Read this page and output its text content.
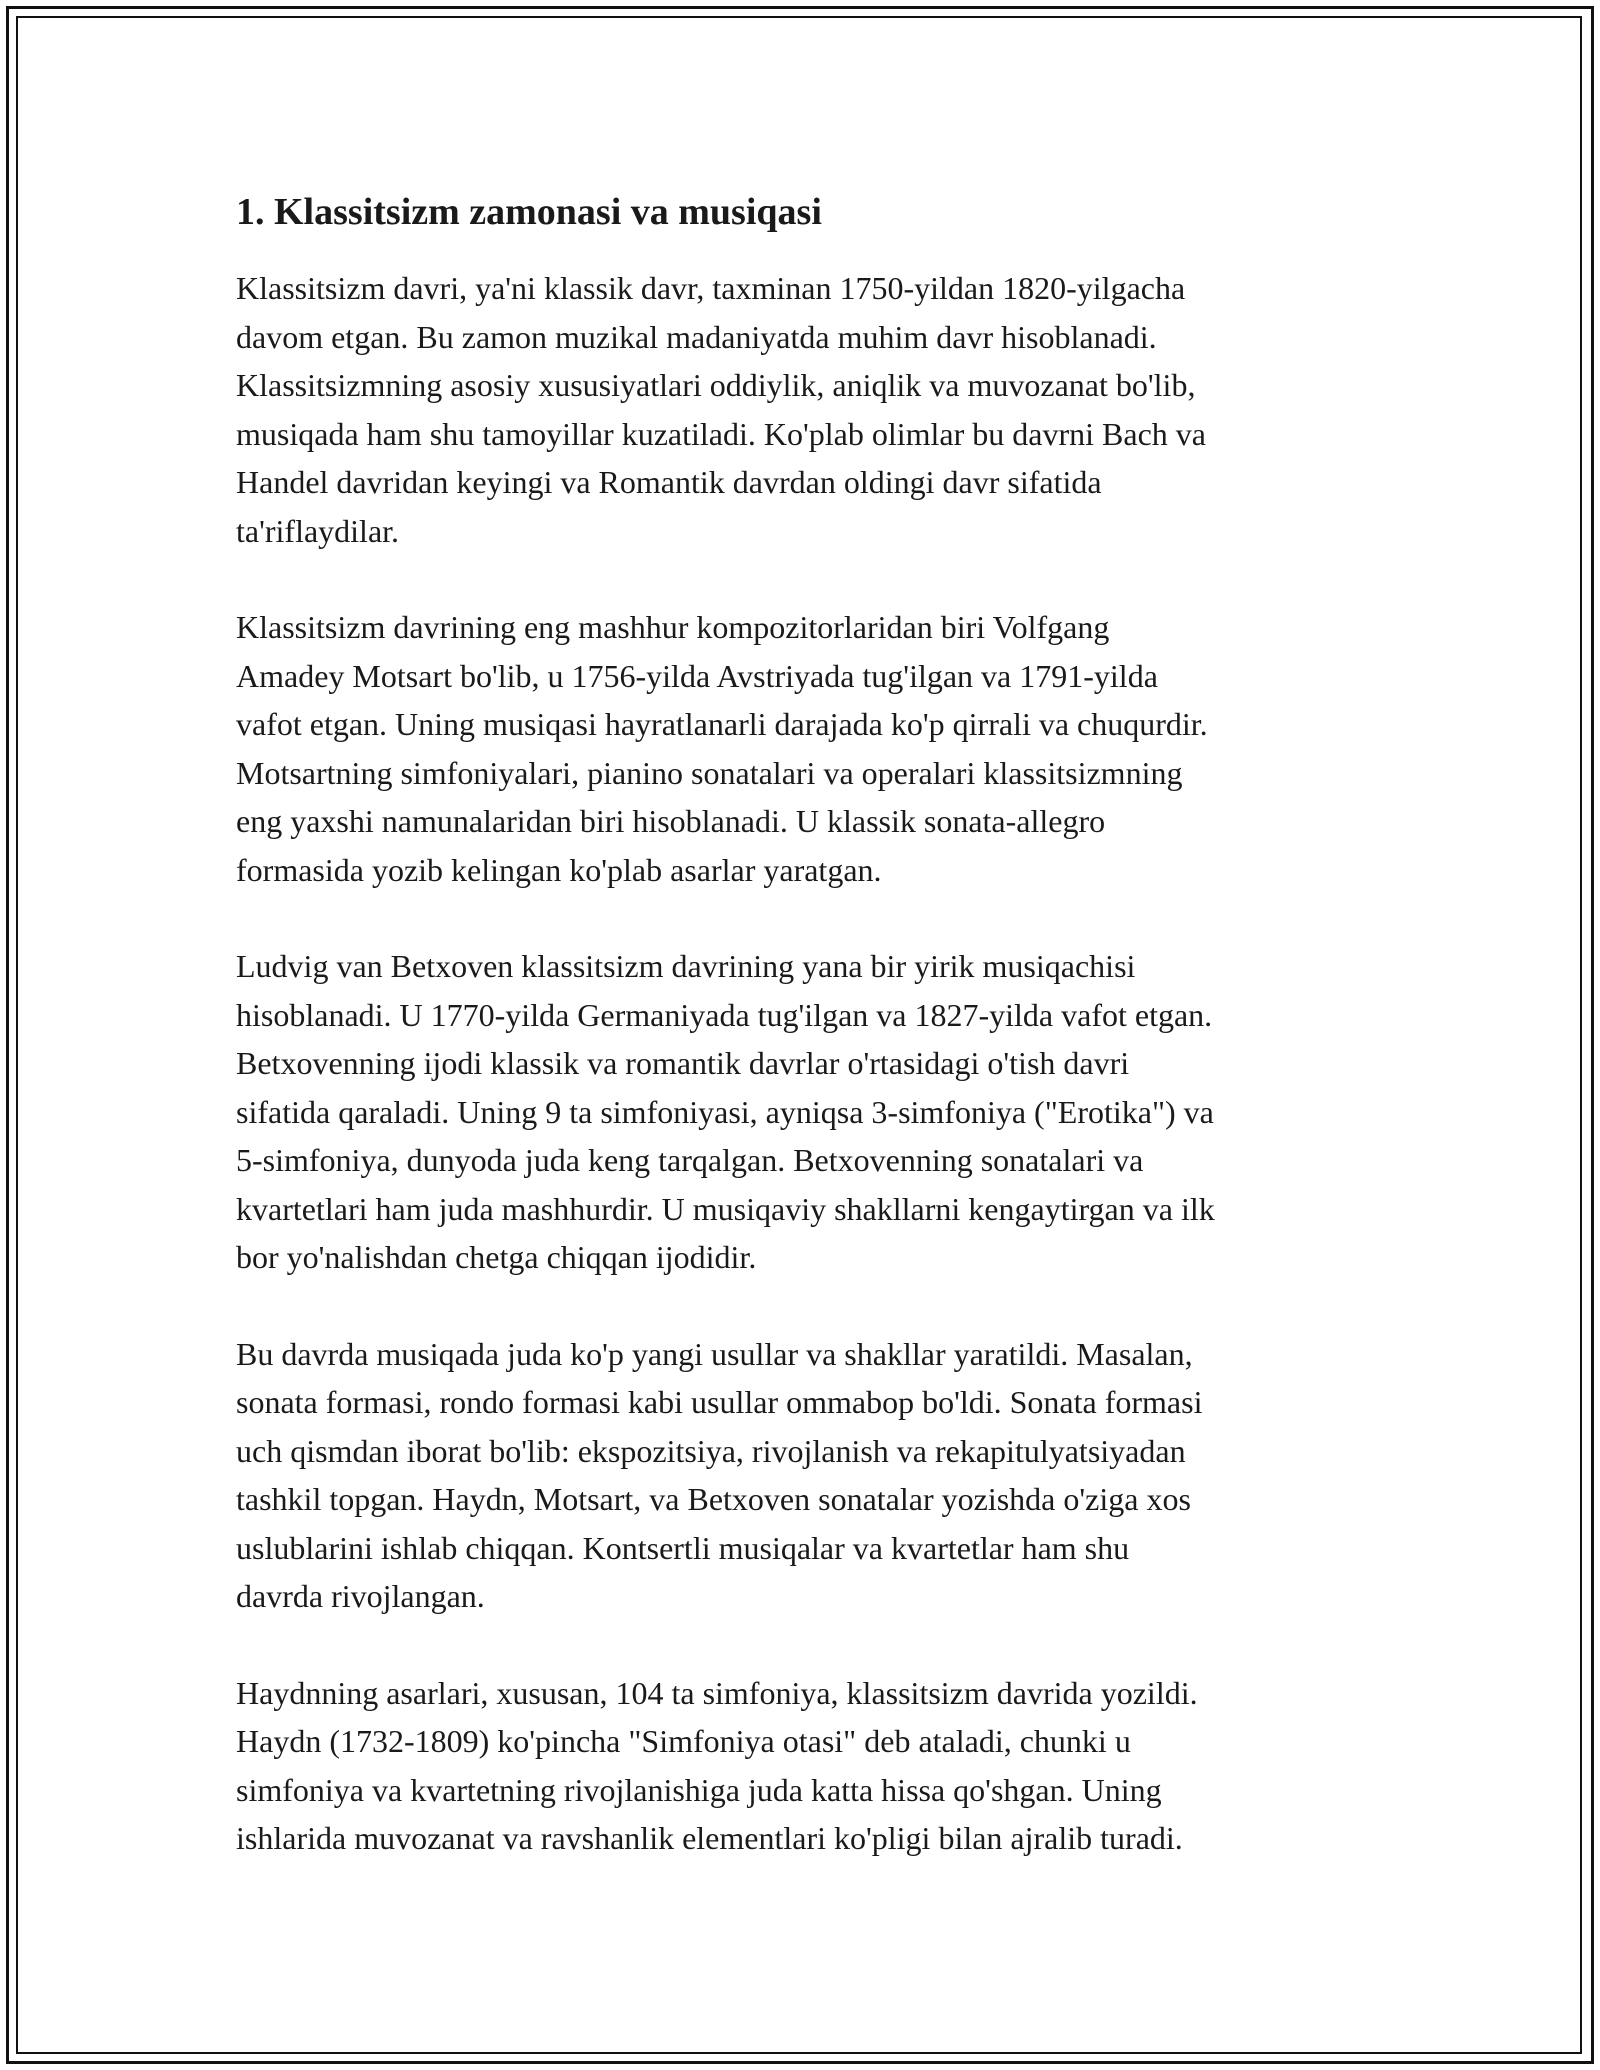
1. Klassitsizm zamonasi va musiqasi

Klassitsizm davri, ya'ni klassik davr, taxminan 1750-yildan 1820-yilgacha
davom etgan. Bu zamon muzikal madaniyatda muhim davr hisoblanadi.
Klassitsizmning asosiy xususiyatlari oddiylik, aniqlik va muvozanat bo'lib,
musiqada ham shu tamoyillar kuzatiladi. Ko'plab olimlar bu davrni Bach va
Handel davridan keyingi va Romantik davrdan oldingi davr sifatida
ta'riflaydilar.

Klassitsizm davrining eng mashhur kompozitorlaridan biri Volfgang
Amadey Motsart bo'lib, u 1756-yilda Avstriyada tug'ilgan va 1791-yilda
vafot etgan. Uning musiqasi hayratlanarli darajada ko'p qirrali va chuqurdir.
Motsartning simfoniyalari, pianino sonatalari va operalari klassitsizmning
eng yaxshi namunalaridan biri hisoblanadi. U klassik sonata-allegro
formasida yozib kelingan ko'plab asarlar yaratgan.

Ludvig van Betxoven klassitsizm davrining yana bir yirik musiqachisi
hisoblanadi. U 1770-yilda Germaniyada tug'ilgan va 1827-yilda vafot etgan.
Betxovenning ijodi klassik va romantik davrlar o'rtasidagi o'tish davri
sifatida qaraladi. Uning 9 ta simfoniyasi, ayniqsa 3-simfoniya ("Erotika") va
5-simfoniya, dunyoda juda keng tarqalgan. Betxovenning sonatalari va
kvartetlari ham juda mashhurdir. U musiqaviy shakllarni kengaytirgan va ilk
bor yo'nalishdan chetga chiqqan ijodidir.

Bu davrda musiqada juda ko'p yangi usullar va shakllar yaratildi. Masalan,
sonata formasi, rondo formasi kabi usullar ommabop bo'ldi. Sonata formasi
uch qismdan iborat bo'lib: ekspozitsiya, rivojlanish va rekapitulyatsiyadan
tashkil topgan. Haydn, Motsart, va Betxoven sonatalar yozishda o'ziga xos
uslublarini ishlab chiqqan. Kontsertli musiqalar va kvartetlar ham shu
davrda rivojlangan.

Haydnning asarlari, xususan, 104 ta simfoniya, klassitsizm davrida yozildi.
Haydn (1732-1809) ko'pincha "Simfoniya otasi" deb ataladi, chunki u
simfoniya va kvartetning rivojlanishiga juda katta hissa qo'shgan. Uning
ishlarida muvozanat va ravshanlik elementlari ko'pligi bilan ajralib turadi.
